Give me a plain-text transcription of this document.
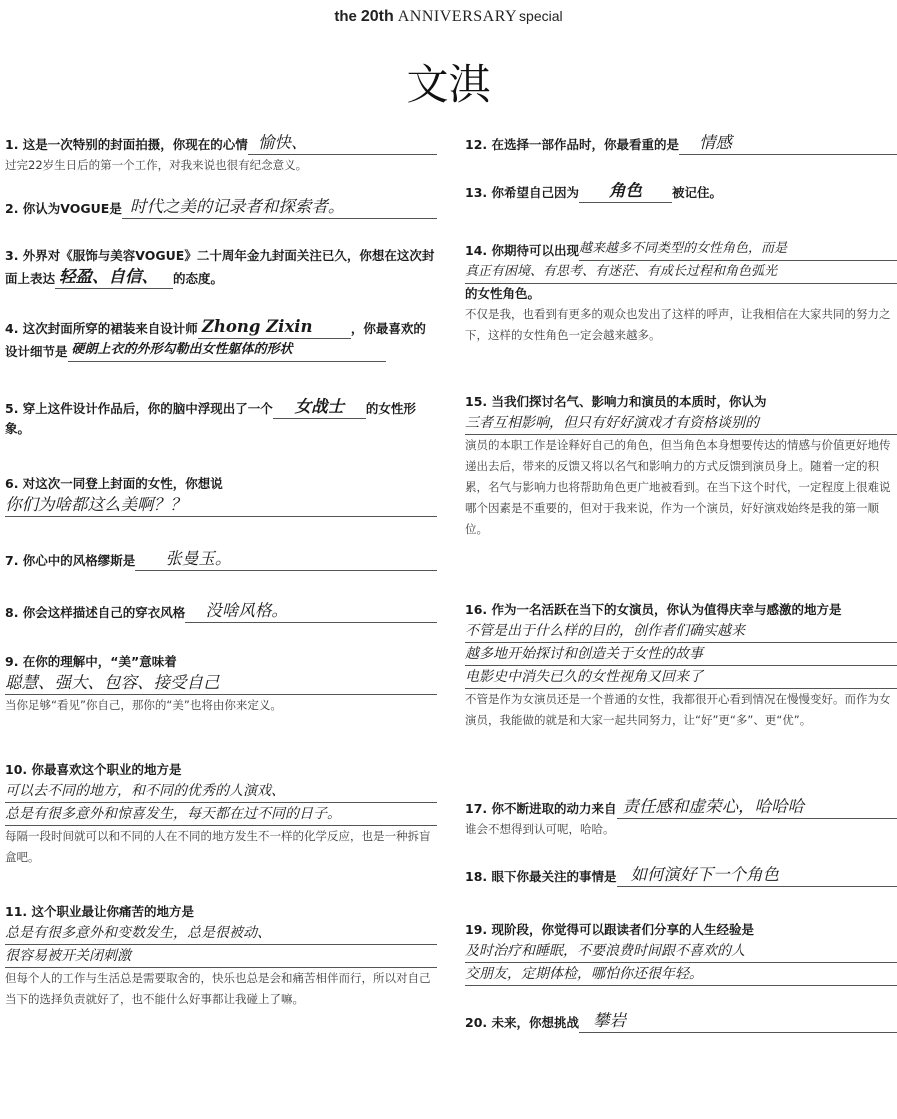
the 20th ANNIVERSARY special
文淇
1. 这是一次特别的封面拍摄，你现在的心情 愉快、
过完22岁生日后的第一个工作，对我来说也很有纪念意义。
2. 你认为VOGUE是 时代之美的记录者和探索者。
3. 外界对《服饰与美容VOGUE》二十周年金九封面关注已久，你想在这次封面上表达 轻盈、自信、 的态度。
4. 这次封面所穿的裙装来自设计师 Zhong Zixin	，你最喜欢的设计细节是 硬朗上衣的外形勾勒出女性躯体的形状
5. 穿上这件设计作品后，你的脑中浮现出了一个 女战士 的女性形象。
6. 对这次一同登上封面的女性，你想说
你们为啥都这么美啊？？
7. 你心中的风格缪斯是	张曼玉。
8. 你会这样描述自己的穿衣风格	没啥风格。
9. 在你的理解中，“美”意味着
聪慧、强大、包容、接受自己
当你足够“看见”你自己，那你的“美”也将由你来定义。
10. 你最喜欢这个职业的地方是
可以去不同的地方，和不同的优秀的人演戏、
总是有很多意外和惊喜发生，每天都在过不同的日子。
每隔一段时间就可以和不同的人在不同的地方发生不一样的化学反应，也是一种拆盲盒吧。
11. 这个职业最让你痛苦的地方是
总是有很多意外和变数发生，总是很被动、
很容易被开关闭刺激
但每个人的工作与生活总是需要取舍的，快乐也总是会和痛苦相伴而行，所以对自己当下的选择负责就好了，也不能什么好事都让我碰上了嘛。
12. 在选择一部作品时，你最看重的是	情感
13. 你希望自己因为 角色 被记住。
14. 你期待可以出现 越来越多不同类型的女性角色，而是
真正有困境、有思考、有迷茫、有成长过程和角色弧光
的女性角色。
不仅是我，也看到有更多的观众也发出了这样的呼声，让我相信在大家共同的努力之下，这样的女性角色一定会越来越多。
15. 当我们探讨名气、影响力和演员的本质时，你认为
三者互相影响，但只有好好演戏才有资格谈别的
演员的本职工作是诠释好自己的角色，但当角色本身想要传达的情感与价值更好地传递出去后，带来的反馈又将以名气和影响力的方式反馈到演员身上。随着一定的积累，名气与影响力也将帮助角色更广地被看到。在当下这个时代，一定程度上很难说哪个因素是不重要的，但对于我来说，作为一个演员，好好演戏始终是我的第一顺位。
16. 作为一名活跃在当下的女演员，你认为值得庆幸与感激的地方是
不管是出于什么样的目的，创作者们确实越来
越多地开始探讨和创造关于女性的故事
电影史中消失已久的女性视角又回来了
不管是作为女演员还是一个普通的女性，我都很开心看到情况在慢慢变好。而作为女演员，我能做的就是和大家一起共同努力，让“好”更“多”、更“优”。
17. 你不断进取的动力来自 责任感和虚荣心，哈哈哈
谁会不想得到认可呢，哈哈。
18. 眼下你最关注的事情是 如何演好下一个角色
19. 现阶段，你觉得可以跟读者们分享的人生经验是
及时治疗和睡眠，不要浪费时间跟不喜欢的人
交朋友，定期体检，哪怕你还很年轻。
20. 未来，你想挑战 攀岩
